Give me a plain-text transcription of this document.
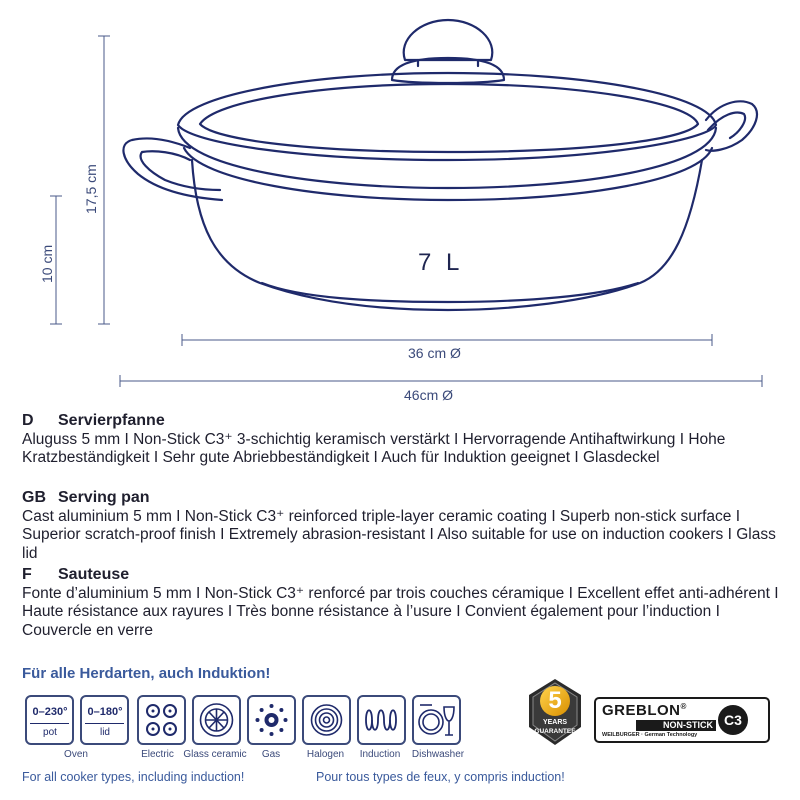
7 L
17,5 cm
10 cm
36 cm Ø
46cm Ø
D Servierpfanne

Aluguss 5 mm I Non-Stick C3⁺ 3-schichtig keramisch verstärkt I Hervorragende Antihaftwirkung I Hohe Kratzbeständigkeit I Sehr gute Abriebbeständigkeit I Auch für Induktion geeignet I Glasdeckel

GB Serving pan

Cast aluminium 5 mm I Non-Stick C3⁺ reinforced triple-layer ceramic coating I Superb non-stick surface I Superior scratch-proof finish I Extremely abrasion-resistant I Also suitable for use on induction cookers I Glass lid

F Sauteuse

Fonte d’aluminium 5 mm I Non-Stick C3⁺ renforcé par trois couches céramique I Excellent effet anti-adhérent I Haute résistance aux rayures I Très bonne résistance à l’usure I Convient également pour l’induction I Couvercle en verre

Für alle Herdarten, auch Induktion!
0–230°
pot
0–180°
lid
Oven	Electric Glass ceramic	Gas	Halogen	Induction	Dishwasher
5
YEARS
GUARANTEE
GREBLON®
NON-STICK
WEILBURGER · German Technology
C3
For all cooker types, including induction!	Pour tous types de feux, y compris induction!
